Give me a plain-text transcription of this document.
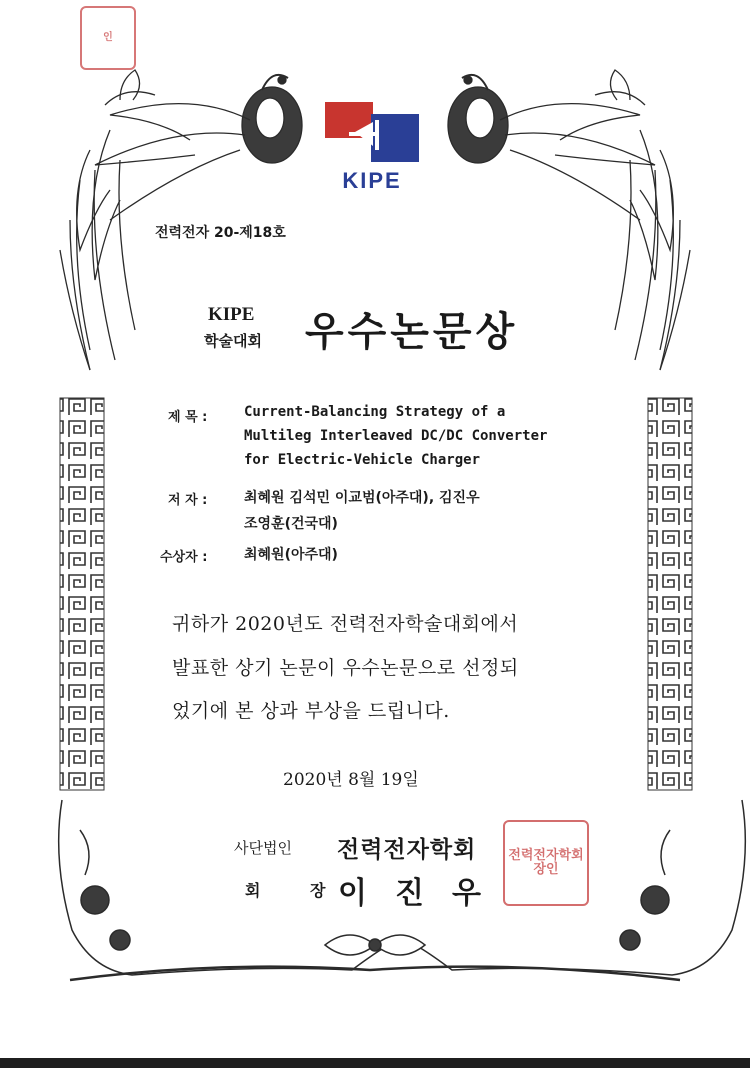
인
KIPE
전력전자 20-제18호
KIPE
학술대회 우수논문상
제 목 :	Current-Balancing Strategy of a
Multileg Interleaved DC/DC Converter
for Electric-Vehicle Charger
저 자 :	최혜원 김석민 이교범(아주대), 김진우
조영훈(건국대)
수상자 :	최혜원(아주대)
귀하가 2020년도 전력전자학술대회에서
발표한 상기 논문이 우수논문으로 선정되
었기에 본 상과 부상을 드립니다.
2020년 8월 19일
사단법인 전력전자학회
회 장
이진우
전력전자학회장인
